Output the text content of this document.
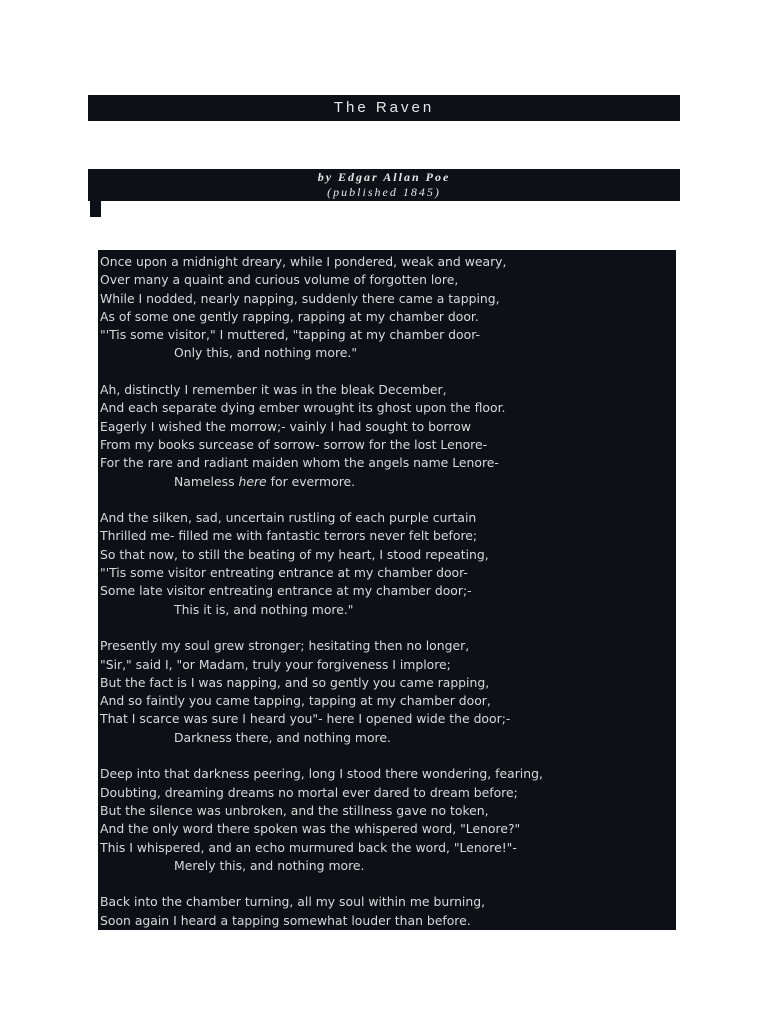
The Raven
by Edgar Allan Poe
(published 1845)
Once upon a midnight dreary, while I pondered, weak and weary,
Over many a quaint and curious volume of forgotten lore,
While I nodded, nearly napping, suddenly there came a tapping,
As of some one gently rapping, rapping at my chamber door.
"'Tis some visitor," I muttered, "tapping at my chamber door-
Only this, and nothing more."
Ah, distinctly I remember it was in the bleak December,
And each separate dying ember wrought its ghost upon the floor.
Eagerly I wished the morrow;- vainly I had sought to borrow
From my books surcease of sorrow- sorrow for the lost Lenore-
For the rare and radiant maiden whom the angels name Lenore-
Nameless here for evermore.
And the silken, sad, uncertain rustling of each purple curtain
Thrilled me- filled me with fantastic terrors never felt before;
So that now, to still the beating of my heart, I stood repeating,
"'Tis some visitor entreating entrance at my chamber door-
Some late visitor entreating entrance at my chamber door;-
This it is, and nothing more."
Presently my soul grew stronger; hesitating then no longer,
"Sir," said I, "or Madam, truly your forgiveness I implore;
But the fact is I was napping, and so gently you came rapping,
And so faintly you came tapping, tapping at my chamber door,
That I scarce was sure I heard you"- here I opened wide the door;-
Darkness there, and nothing more.
Deep into that darkness peering, long I stood there wondering, fearing,
Doubting, dreaming dreams no mortal ever dared to dream before;
But the silence was unbroken, and the stillness gave no token,
And the only word there spoken was the whispered word, "Lenore?"
This I whispered, and an echo murmured back the word, "Lenore!"-
Merely this, and nothing more.
Back into the chamber turning, all my soul within me burning,
Soon again I heard a tapping somewhat louder than before.
